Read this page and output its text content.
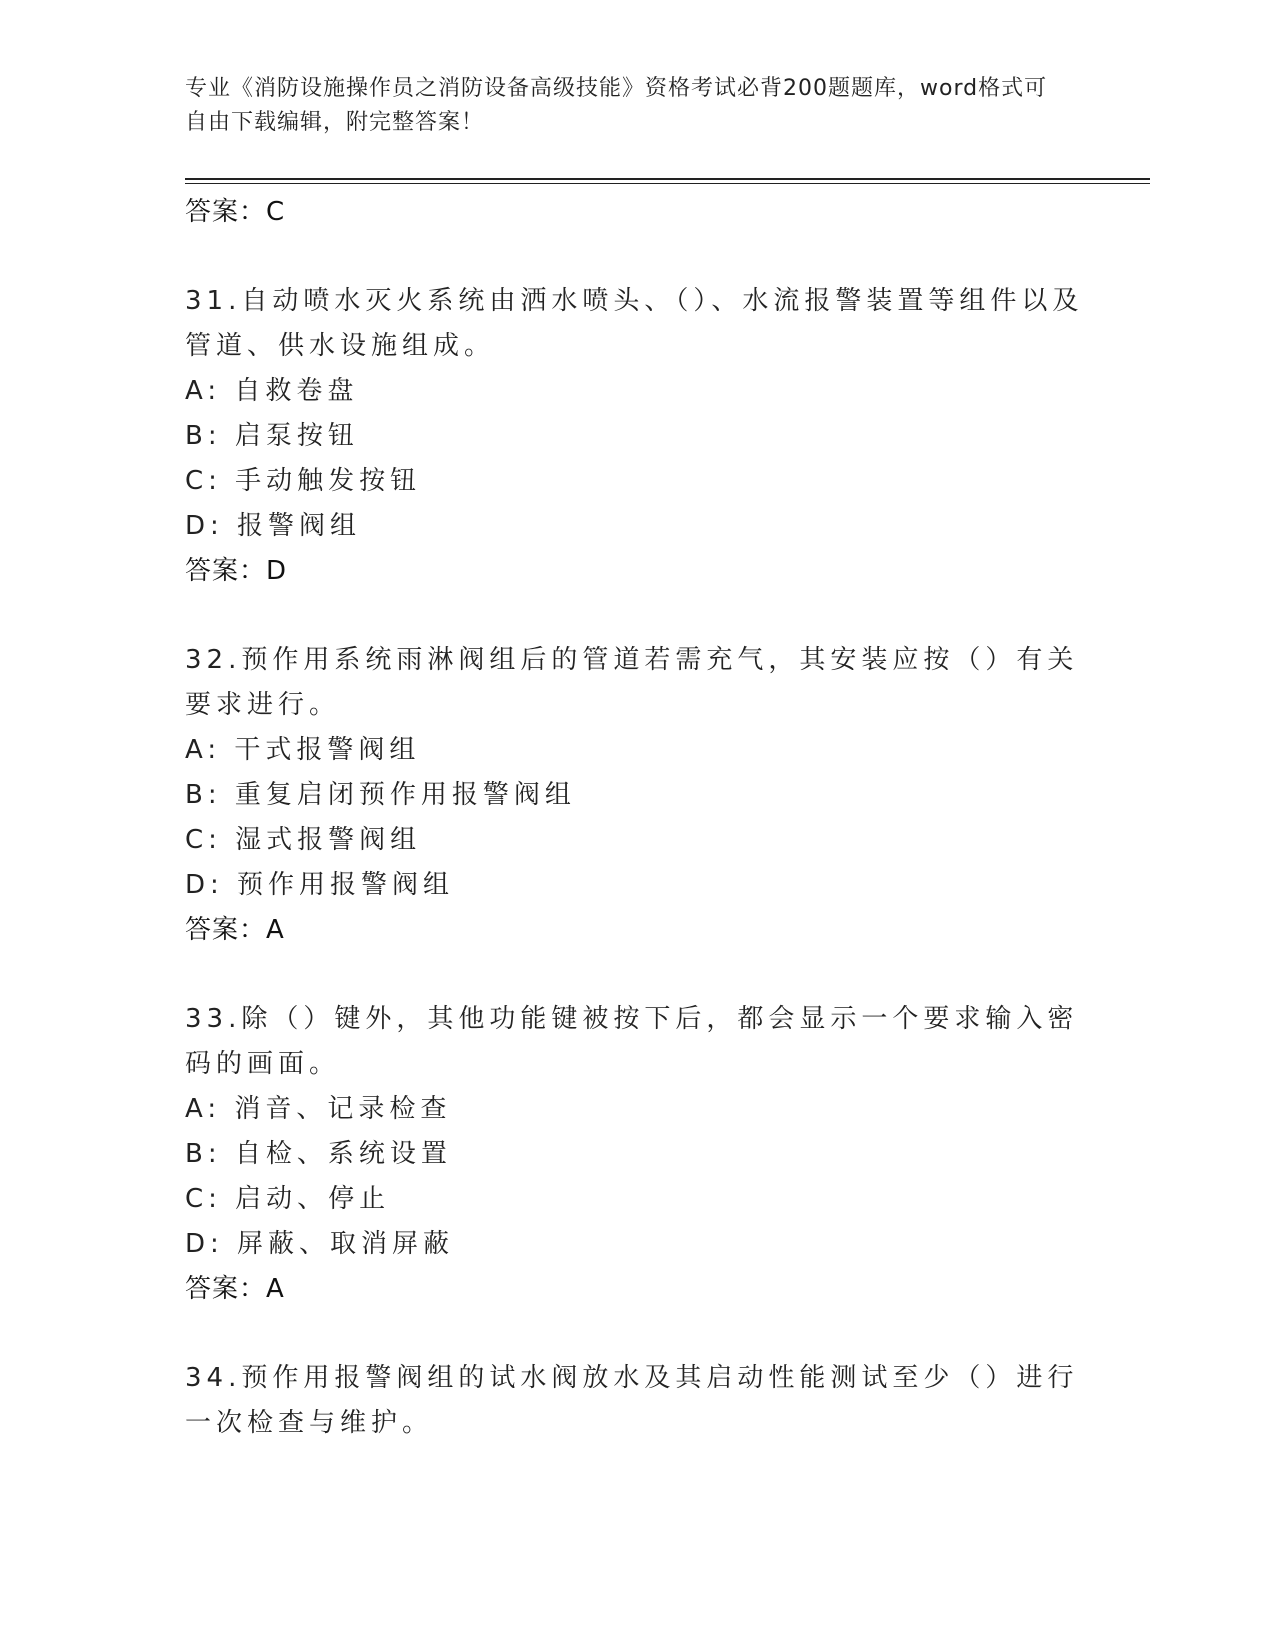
专业《消防设施操作员之消防设备高级技能》资格考试必背200题题库，word格式可自由下载编辑，附完整答案！
答案：C
31.自动喷水灭火系统由洒水喷头、（）、水流报警装置等组件以及管道、供水设施组成。
A: 自救卷盘
B: 启泵按钮
C: 手动触发按钮
D: 报警阀组
答案：D
32.预作用系统雨淋阀组后的管道若需充气，其安装应按（）有关要求进行。
A: 干式报警阀组
B: 重复启闭预作用报警阀组
C: 湿式报警阀组
D: 预作用报警阀组
答案：A
33.除（）键外，其他功能键被按下后，都会显示一个要求输入密码的画面。
A: 消音、记录检查
B: 自检、系统设置
C: 启动、停止
D: 屏蔽、取消屏蔽
答案：A
34.预作用报警阀组的试水阀放水及其启动性能测试至少（）进行一次检查与维护。
